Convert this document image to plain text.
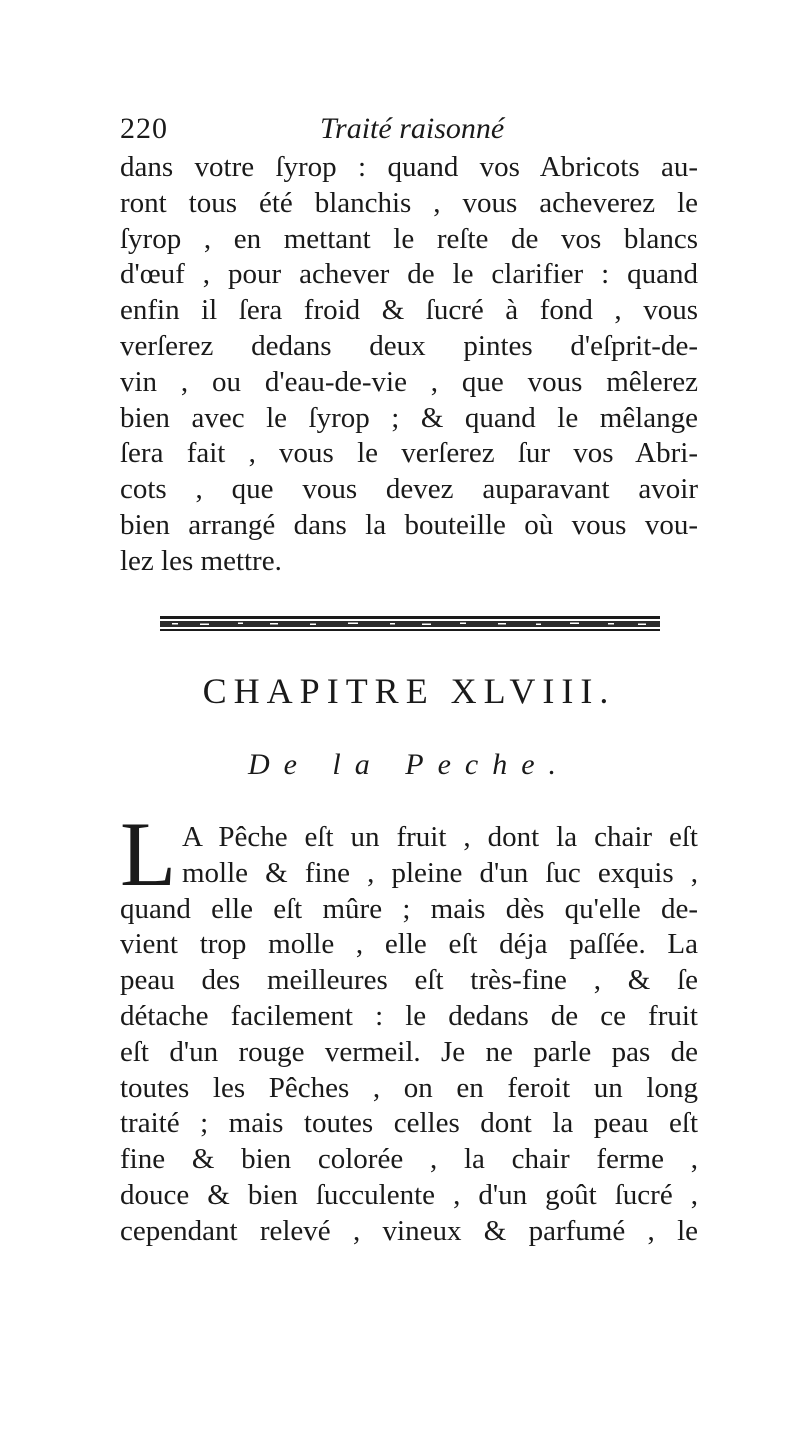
220	Traité raisonné
dans votre ſyrop : quand vos Abricots au-
ront tous été blanchis , vous acheverez le
ſyrop , en mettant le reſte de vos blancs
d'œuf , pour achever de le clarifier : quand
enfin il ſera froid & ſucré à fond , vous
verſerez dedans deux pintes d'eſprit-de-
vin , ou d'eau-de-vie , que vous mêlerez
bien avec le ſyrop ; & quand le mêlange
ſera fait , vous le verſerez ſur vos Abri-
cots , que vous devez auparavant avoir
bien arrangé dans la bouteille où vous vou-
lez les mettre.
CHAPITRE XLVIII.
De la Peche.
L A Pêche eſt un fruit , dont la chair eſt
molle & fine , pleine d'un ſuc exquis ,
quand elle eſt mûre ; mais dès qu'elle de-
vient trop molle , elle eſt déja paſſée. La
peau des meilleures eſt très-fine , & ſe
détache facilement : le dedans de ce fruit
eſt d'un rouge vermeil. Je ne parle pas de
toutes les Pêches , on en feroit un long
traité ; mais toutes celles dont la peau eſt
fine & bien colorée , la chair ferme ,
douce & bien ſucculente , d'un goût ſucré ,
cependant relevé , vineux & parfumé , le
